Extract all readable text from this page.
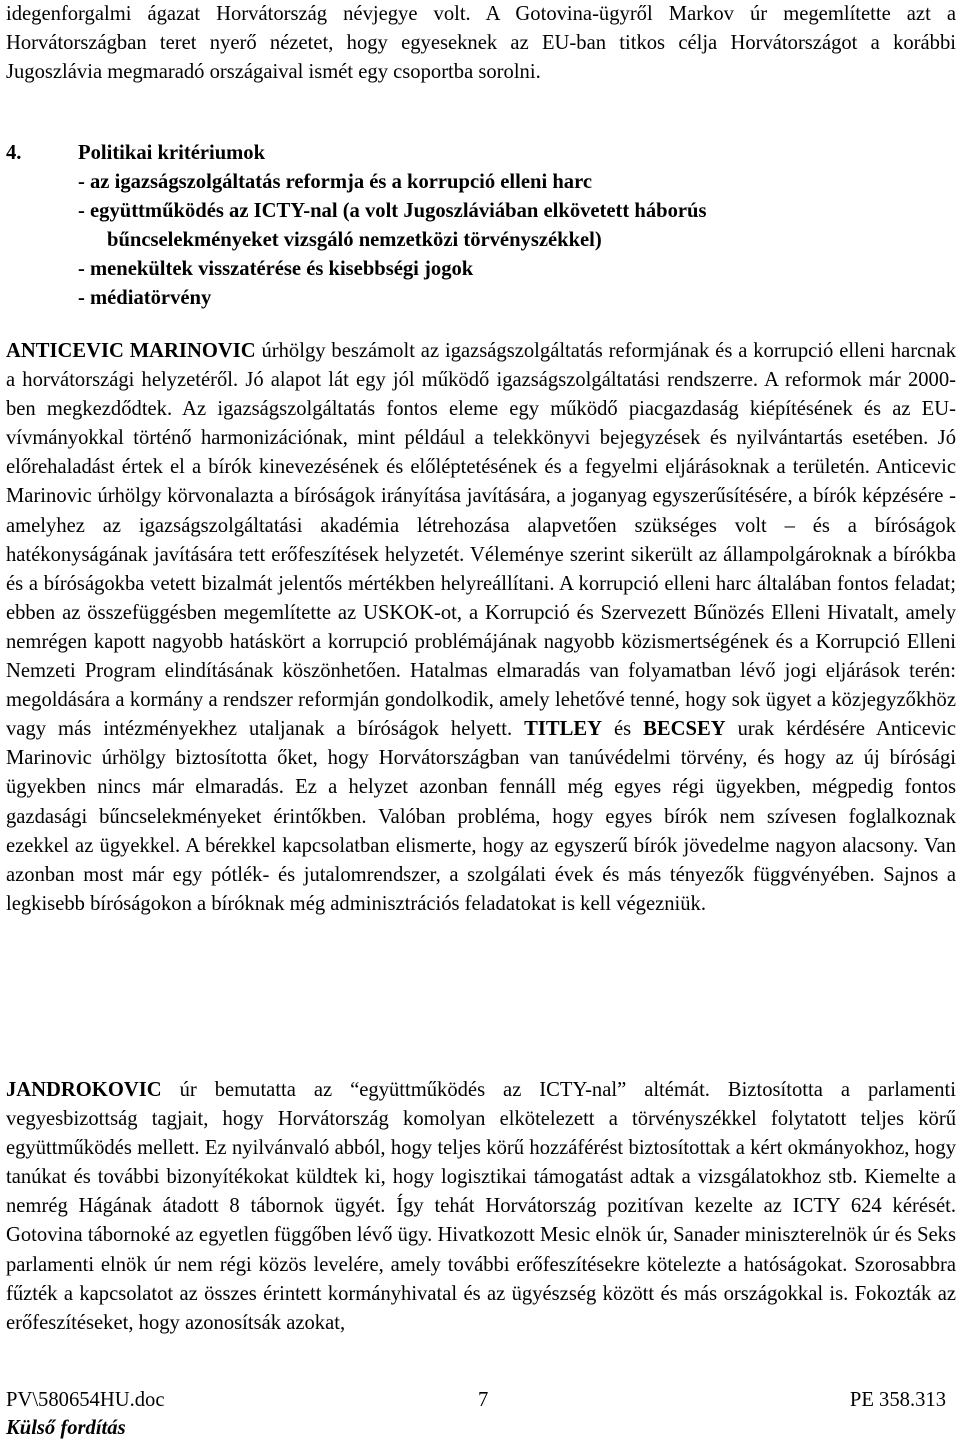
idegenforgalmi ágazat Horvátország névjegye volt. A Gotovina-ügyről Markov úr megemlítette azt a Horvátországban teret nyerő nézetet, hogy egyeseknek az EU-ban titkos célja Horvátországot a korábbi Jugoszlávia megmaradó országaival ismét egy csoportba sorolni.

4.	Politikai kritériumok
- az igazságszolgáltatás reformja és a korrupció elleni harc
- együttműködés az ICTY-nal (a volt Jugoszláviában elkövetett háborús
bűncselekményeket vizsgáló nemzetközi törvényszékkel)
- menekültek visszatérése és kisebbségi jogok
- médiatörvény

ANTICEVIC MARINOVIC úrhölgy beszámolt az igazságszolgáltatás reformjának és a korrupció elleni harcnak a horvátországi helyzetéről. Jó alapot lát egy jól működő igazságszolgáltatási rendszerre. A reformok már 2000-ben megkezdődtek. Az igazságszolgáltatás fontos eleme egy működő piacgazdaság kiépítésének és az EU-vívmányokkal történő harmonizációnak, mint például a telekkönyvi bejegyzések és nyilvántartás esetében. Jó előrehaladást értek el a bírók kinevezésének és előléptetésének és a fegyelmi eljárásoknak a területén. Anticevic Marinovic úrhölgy körvonalazta a bíróságok irányítása javítására, a joganyag egyszerűsítésére, a bírók képzésére - amelyhez az igazságszolgáltatási akadémia létrehozása alapvetően szükséges volt – és a bíróságok hatékonyságának javítására tett erőfeszítések helyzetét. Véleménye szerint sikerült az állampolgároknak a bírókba és a bíróságokba vetett bizalmát jelentős mértékben helyreállítani. A korrupció elleni harc általában fontos feladat; ebben az összefüggésben megemlítette az USKOK-ot, a Korrupció és Szervezett Bűnözés Elleni Hivatalt, amely nemrégen kapott nagyobb hatáskört a korrupció problémájának nagyobb közismertségének és a Korrupció Elleni Nemzeti Program elindításának köszönhetően. Hatalmas elmaradás van folyamatban lévő jogi eljárások terén: megoldására a kormány a rendszer reformján gondolkodik, amely lehetővé tenné, hogy sok ügyet a közjegyzőkhöz vagy más intézményekhez utaljanak a bíróságok helyett. TITLEY és BECSEY urak kérdésére Anticevic Marinovic úrhölgy biztosította őket, hogy Horvátországban van tanúvédelmi törvény, és hogy az új bírósági ügyekben nincs már elmaradás. Ez a helyzet azonban fennáll még egyes régi ügyekben, mégpedig fontos gazdasági bűncselekményeket érintőkben. Valóban probléma, hogy egyes bírók nem szívesen foglalkoznak ezekkel az ügyekkel. A bérekkel kapcsolatban elismerte, hogy az egyszerű bírók jövedelme nagyon alacsony. Van azonban most már egy pótlék- és jutalomrendszer, a szolgálati évek és más tényezők függvényében. Sajnos a legkisebb bíróságokon a bíróknak még adminisztrációs feladatokat is kell végezniük.

JANDROKOVIC úr bemutatta az “együttműködés az ICTY-nal” altémát. Biztosította a parlamenti vegyesbizottság tagjait, hogy Horvátország komolyan elkötelezett a törvényszékkel folytatott teljes körű együttműködés mellett. Ez nyilvánvaló abból, hogy teljes körű hozzáférést biztosítottak a kért okmányokhoz, hogy tanúkat és további bizonyítékokat küldtek ki, hogy logisztikai támogatást adtak a vizsgálatokhoz stb. Kiemelte a nemrég Hágának átadott 8 tábornok ügyét. Így tehát Horvátország pozitívan kezelte az ICTY 624 kérését. Gotovina tábornoké az egyetlen függőben lévő ügy. Hivatkozott Mesic elnök úr, Sanader miniszterelnök úr és Seks parlamenti elnök úr nem régi közös levelére, amely további erőfeszítésekre kötelezte a hatóságokat. Szorosabbra fűzték a kapcsolatot az összes érintett kormányhivatal és az ügyészség között és más országokkal is. Fokozták az erőfeszítéseket, hogy azonosítsák azokat,

PV\580654HU.doc	7	PE 358.313
Külső fordítás
